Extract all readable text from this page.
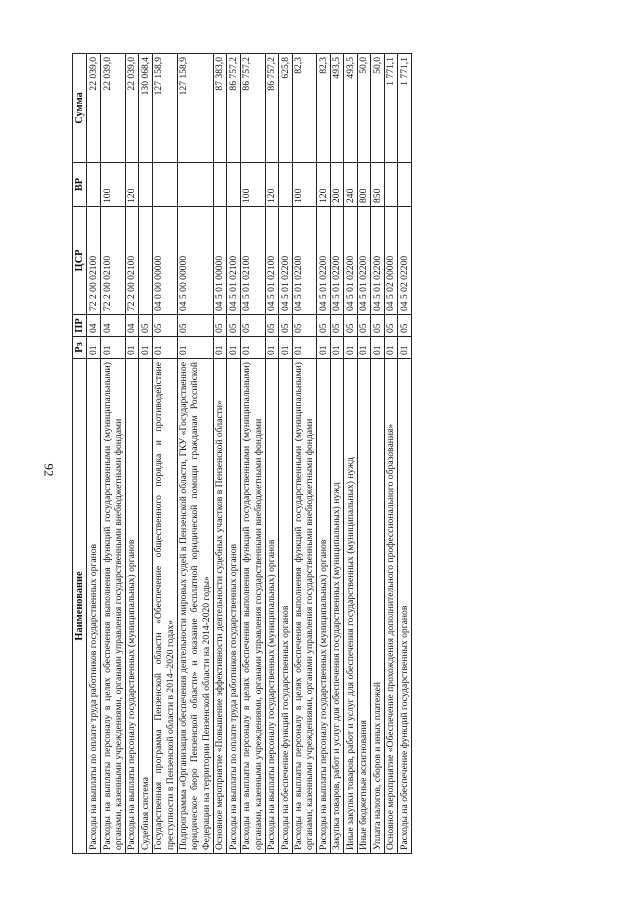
92
Наименование	Рз	ПР	ЦСР	ВР	Сумма
Расходы на выплаты по оплате труда работников государственных органов	01	04	72 2 00 02100		22 039,0
Расходы на выплаты персоналу в целях обеспечения выполнения функций государственными (муниципальными) органами, казенными учреждениями, органами управления государственными внебюджетными фондами	01	04	72 2 00 02100	100	22 039,0
Расходы на выплаты персоналу государственных (муниципальных) органов	01	04	72 2 00 02100	120	22 039,0
Судебная система	01	05			130 068,4
Государственная программа Пензенской области «Обеспечение общественного порядка и противодействие преступности в Пензенской области в 2014–2020 годах»	01	05	04 0 00 00000		127 158,9
Подпрограмма «Организация обеспечения деятельности мировых судей в Пензенской области, ГКУ «Государственное юридическое бюро Пензенской области» и оказание бесплатной юридической помощи гражданам Российской Федерации на территории Пензенской области на 2014-2020 годы»	01	05	04 5 00 00000		127 158,9
Основное мероприятие «Повышение эффективности деятельности судебных участков в Пензенской области»	01	05	04 5 01 00000		87 383,0
Расходы на выплаты по оплате труда работников государственных органов	01	05	04 5 01 02100		86 757,2
Расходы на выплаты персоналу в целях обеспечения выполнения функций государственными (муниципальными) органами, казенными учреждениями, органами управления государственными внебюджетными фондами	01	05	04 5 01 02100	100	86 757,2
Расходы на выплаты персоналу государственных (муниципальных) органов	01	05	04 5 01 02100	120	86 757,2
Расходы на обеспечение функций государственных органов	01	05	04 5 01 02200		625,8
Расходы на выплаты персоналу в целях обеспечения выполнения функций государственными (муниципальными) органами, казенными учреждениями, органами управления государственными внебюджетными фондами	01	05	04 5 01 02200	100	82,3
Расходы на выплаты персоналу государственных (муниципальных) органов	01	05	04 5 01 02200	120	82,3
Закупка товаров, работ и услуг для обеспечения государственных (муниципальных) нужд	01	05	04 5 01 02200	200	493,5
Иные закупки товаров, работ и услуг для обеспечения государственных (муниципальных) нужд	01	05	04 5 01 02200	240	493,5
Иные бюджетные ассигнования	01	05	04 5 01 02200	800	50,0
Уплата налогов, сборов и иных платежей	01	05	04 5 01 02200	850	50,0
Основное мероприятие «Обеспечение прохождения дополнительного профессионального образования»	01	05	04 5 02 00000		1 771,1
Расходы на обеспечение функций государственных органов	01	05	04 5 02 02200		1 771,1
